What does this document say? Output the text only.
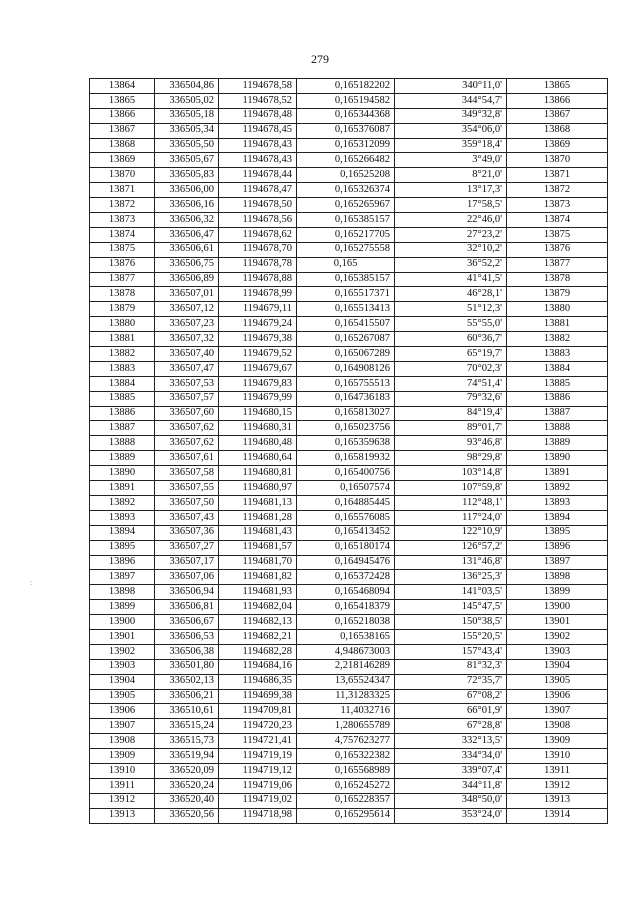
279
:
13864	336504,86	1194678,58	0,165182202	340°11,0'	13865
13865	336505,02	1194678,52	0,165194582	344°54,7'	13866
13866	336505,18	1194678,48	0,165344368	349°32,8'	13867
13867	336505,34	1194678,45	0,165376087	354°06,0'	13868
13868	336505,50	1194678,43	0,165312099	359°18,4'	13869
13869	336505,67	1194678,43	0,165266482	3°49,0'	13870
13870	336505,83	1194678,44	0,16525208	8°21,0'	13871
13871	336506,00	1194678,47	0,165326374	13°17,3'	13872
13872	336506,16	1194678,50	0,165265967	17°58,5'	13873
13873	336506,32	1194678,56	0,165385157	22°46,0'	13874
13874	336506,47	1194678,62	0,165217705	27°23,2'	13875
13875	336506,61	1194678,70	0,165275558	32°10,2'	13876
13876	336506,75	1194678,78	0,165	36°52,2'	13877
13877	336506,89	1194678,88	0,165385157	41°41,5'	13878
13878	336507,01	1194678,99	0,165517371	46°28,1'	13879
13879	336507,12	1194679,11	0,165513413	51°12,3'	13880
13880	336507,23	1194679,24	0,165415507	55°55,0'	13881
13881	336507,32	1194679,38	0,165267087	60°36,7'	13882
13882	336507,40	1194679,52	0,165067289	65°19,7'	13883
13883	336507,47	1194679,67	0,164908126	70°02,3'	13884
13884	336507,53	1194679,83	0,165755513	74°51,4'	13885
13885	336507,57	1194679,99	0,164736183	79°32,6'	13886
13886	336507,60	1194680,15	0,165813027	84°19,4'	13887
13887	336507,62	1194680,31	0,165023756	89°01,7'	13888
13888	336507,62	1194680,48	0,165359638	93°46,8'	13889
13889	336507,61	1194680,64	0,165819932	98°29,8'	13890
13890	336507,58	1194680,81	0,165400756	103°14,8'	13891
13891	336507,55	1194680,97	0,16507574	107°59,8'	13892
13892	336507,50	1194681,13	0,164885445	112°48,1'	13893
13893	336507,43	1194681,28	0,165576085	117°24,0'	13894
13894	336507,36	1194681,43	0,165413452	122°10,9'	13895
13895	336507,27	1194681,57	0,165180174	126°57,2'	13896
13896	336507,17	1194681,70	0,164945476	131°46,8'	13897
13897	336507,06	1194681,82	0,165372428	136°25,3'	13898
13898	336506,94	1194681,93	0,165468094	141°03,5'	13899
13899	336506,81	1194682,04	0,165418379	145°47,5'	13900
13900	336506,67	1194682,13	0,165218038	150°38,5'	13901
13901	336506,53	1194682,21	0,16538165	155°20,5'	13902
13902	336506,38	1194682,28	4,948673003	157°43,4'	13903
13903	336501,80	1194684,16	2,218146289	81°32,3'	13904
13904	336502,13	1194686,35	13,65524347	72°35,7'	13905
13905	336506,21	1194699,38	11,31283325	67°08,2'	13906
13906	336510,61	1194709,81	11,4032716	66°01,9'	13907
13907	336515,24	1194720,23	1,280655789	67°28,8'	13908
13908	336515,73	1194721,41	4,757623277	332°13,5'	13909
13909	336519,94	1194719,19	0,165322382	334°34,0'	13910
13910	336520,09	1194719,12	0,165568989	339°07,4'	13911
13911	336520,24	1194719,06	0,165245272	344°11,8'	13912
13912	336520,40	1194719,02	0,165228357	348°50,0'	13913
13913	336520,56	1194718,98	0,165295614	353°24,0'	13914
